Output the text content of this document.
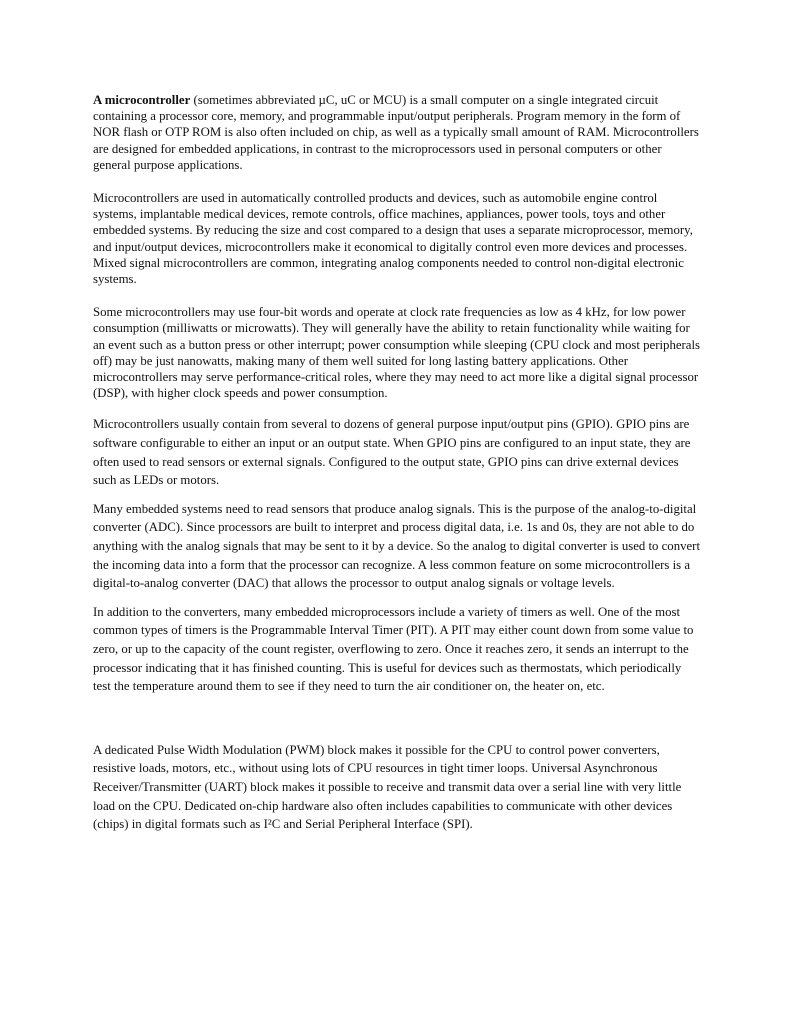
A microcontroller (sometimes abbreviated µC, uC or MCU) is a small computer on a single integrated circuit containing a processor core, memory, and programmable input/output peripherals. Program memory in the form of NOR flash or OTP ROM is also often included on chip, as well as a typically small amount of RAM. Microcontrollers are designed for embedded applications, in contrast to the microprocessors used in personal computers or other general purpose applications.

Microcontrollers are used in automatically controlled products and devices, such as automobile engine control systems, implantable medical devices, remote controls, office machines, appliances, power tools, toys and other embedded systems. By reducing the size and cost compared to a design that uses a separate microprocessor, memory, and input/output devices, microcontrollers make it economical to digitally control even more devices and processes. Mixed signal microcontrollers are common, integrating analog components needed to control non-digital electronic systems.

Some microcontrollers may use four-bit words and operate at clock rate frequencies as low as 4 kHz, for low power consumption (milliwatts or microwatts). They will generally have the ability to retain functionality while waiting for an event such as a button press or other interrupt; power consumption while sleeping (CPU clock and most peripherals off) may be just nanowatts, making many of them well suited for long lasting battery applications. Other microcontrollers may serve performance-critical roles, where they may need to act more like a digital signal processor (DSP), with higher clock speeds and power consumption.

Microcontrollers usually contain from several to dozens of general purpose input/output pins (GPIO). GPIO pins are software configurable to either an input or an output state. When GPIO pins are configured to an input state, they are often used to read sensors or external signals. Configured to the output state, GPIO pins can drive external devices such as LEDs or motors.

Many embedded systems need to read sensors that produce analog signals. This is the purpose of the analog-to-digital converter (ADC). Since processors are built to interpret and process digital data, i.e. 1s and 0s, they are not able to do anything with the analog signals that may be sent to it by a device. So the analog to digital converter is used to convert the incoming data into a form that the processor can recognize. A less common feature on some microcontrollers is a digital-to-analog converter (DAC) that allows the processor to output analog signals or voltage levels.

In addition to the converters, many embedded microprocessors include a variety of timers as well. One of the most common types of timers is the Programmable Interval Timer (PIT). A PIT may either count down from some value to zero, or up to the capacity of the count register, overflowing to zero. Once it reaches zero, it sends an interrupt to the processor indicating that it has finished counting. This is useful for devices such as thermostats, which periodically test the temperature around them to see if they need to turn the air conditioner on, the heater on, etc.

A dedicated Pulse Width Modulation (PWM) block makes it possible for the CPU to control power converters, resistive loads, motors, etc., without using lots of CPU resources in tight timer loops. Universal Asynchronous Receiver/Transmitter (UART) block makes it possible to receive and transmit data over a serial line with very little load on the CPU. Dedicated on-chip hardware also often includes capabilities to communicate with other devices (chips) in digital formats such as I²C and Serial Peripheral Interface (SPI).
